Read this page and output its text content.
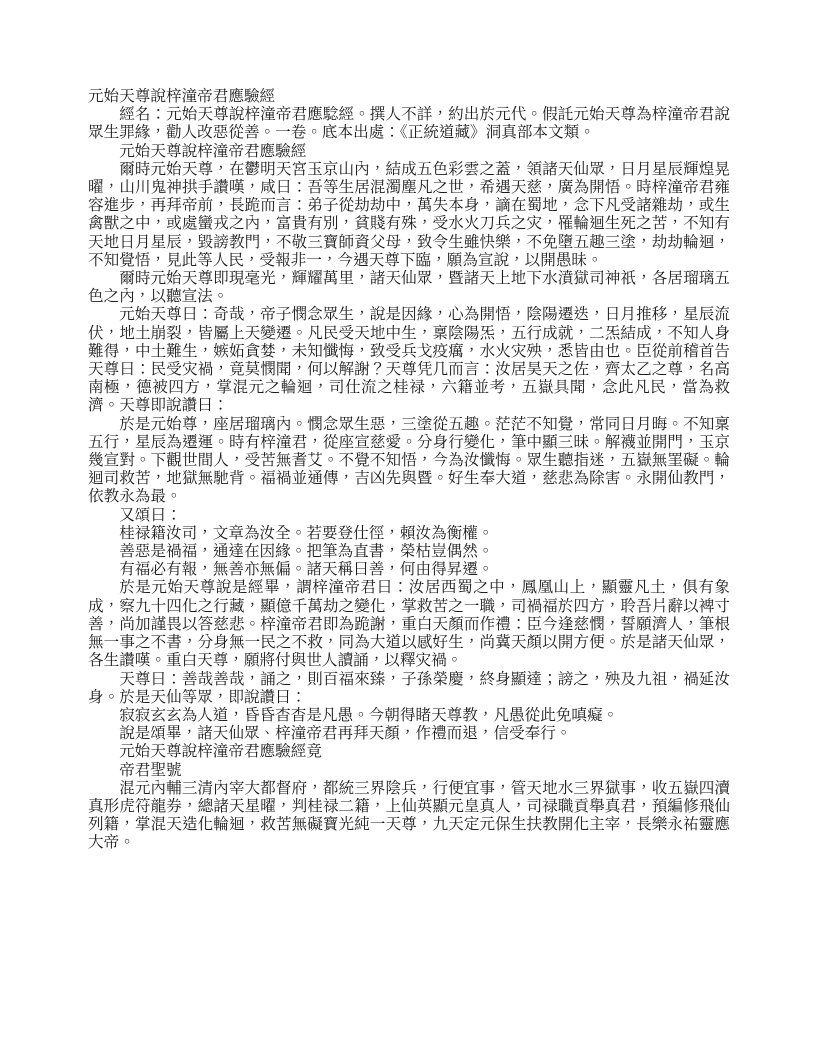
元始天尊說梓潼帝君應驗經

經名：元始天尊說梓潼帝君應騐經。撰人不詳，約出於元代。假託元始天尊為梓潼帝君說眾生罪緣，勸人改惡從善。一卷。底本出處：《正統道藏》洞真部本文類。

元始天尊說梓潼帝君應驗經

爾時元始天尊，在鬱明天宮玉京山內，結成五色彩雲之蓋，領諸天仙眾，日月星辰輝煌晃曜，山川鬼神拱手讚嘆，咸曰：吾等生居混濁塵凡之世，希遇天慈，廣為開悟。時梓潼帝君雍容進步，再拜帝前，長跪而言：弟子從劫劫中，萬失本身，謫在蜀地，念下凡受諸雜劫，或生禽獸之中，或處蠻戎之內，富貴有別，貧賤有殊，受水火刀兵之灾，罹輪迴生死之苦，不知有天地日月星辰，毀謗教門，不敬三寶師資父母，致令生雖快樂，不免墮五趣三塗，劫劫輪迴，不知覺悟，見此等人民，受報非一，今遇天尊下臨，願為宣說，以開愚昧。

爾時元始天尊即現毫光，輝耀萬里，諸天仙眾，暨諸天上地下水濆獄司神祇，各居瑠璃五色之內，以聽宣法。

元始天尊曰：奇哉，帝子憫念眾生，說是因緣，心為開悟，陰陽遷迭，日月推移，星辰流伏，地土崩裂，皆屬上天變遷。凡民受天地中生，稟陰陽炁，五行成就，二炁結成，不知人身難得，中土難生，嫉妬貪婪，未知懺悔，致受兵戈疫癘，水火灾殃，悉皆由也。臣從前稽首告天尊曰：民受灾禍，竟莫憫聞，何以解謝？天尊凭几而言：汝居昊天之佐，齊太乙之尊，名高南極，德被四方，掌混元之輪迴，司仕流之桂禄，六籍並考，五嶽具聞，念此凡民，當為救濟。天尊即說讚曰：

於是元始尊，座居瑠璃內。憫念眾生惡，三塗從五趣。茫茫不知覺，常同日月晦。不知稟五行，星辰為遷運。時有梓潼君，從座宣慈愛。分身行變化，筆中顯三昧。解襪並開門，玉京幾宣對。下觀世間人，受苦無耆艾。不覺不知悟，今為汝懺悔。眾生聽指迷，五嶽無罣礙。輪迴司救苦，地獄無馳背。福禍並通傳，吉凶先與暨。好生奉大道，慈悲為除害。永開仙教門，依教永為最。

又頌曰：

桂禄籍汝司，文章為汝全。若要登仕徑，賴汝為衡權。

善惡是禍福，通達在因緣。把筆為直書，榮枯豈偶然。

有福必有報，無善亦無偏。諸天稱曰善，何由得昇遷。

於是元始天尊說是經畢，謂梓潼帝君曰：汝居西蜀之中，鳳凰山上，顯靈凡土，俱有象成，察九十四化之行藏，顯億千萬劫之變化，掌救苦之一職，司禍福於四方，聆吾片辭以裨寸善，尚加謹畏以答慈悲。梓潼帝君即為跪謝，重白天顏而作禮：臣今逢慈憫，誓願濟人，筆根無一事之不書，分身無一民之不救，同為大道以感好生，尚冀天顏以開方便。於是諸天仙眾，各生讚嘆。重白天尊，願將付與世人讀誦，以釋灾禍。

天尊曰：善哉善哉，誦之，則百福來臻，子孫榮慶，終身顯達；謗之，殃及九祖，禍延汝身。於是天仙等眾，即說讚曰：

寂寂玄玄為人道，昏昏杳杳是凡愚。今朝得睹天尊教，凡愚從此免嗔癡。

說是頌畢，諸天仙眾、梓潼帝君再拜天顏，作禮而退，信受奉行。

元始天尊說梓潼帝君應驗經竟

帝君聖號

混元內輔三清內宰大都督府，都統三界陰兵，行便宜事，管天地水三界獄事，收五嶽四瀆真形虎符龍券，總諸天星曜，判桂禄二籍，上仙英顯元皇真人，司禄職貢舉真君，預編修飛仙列籍，掌混天造化輪迴，救苦無礙寶光純一天尊，九天定元保生扶教開化主宰，長樂永祐靈應大帝。
